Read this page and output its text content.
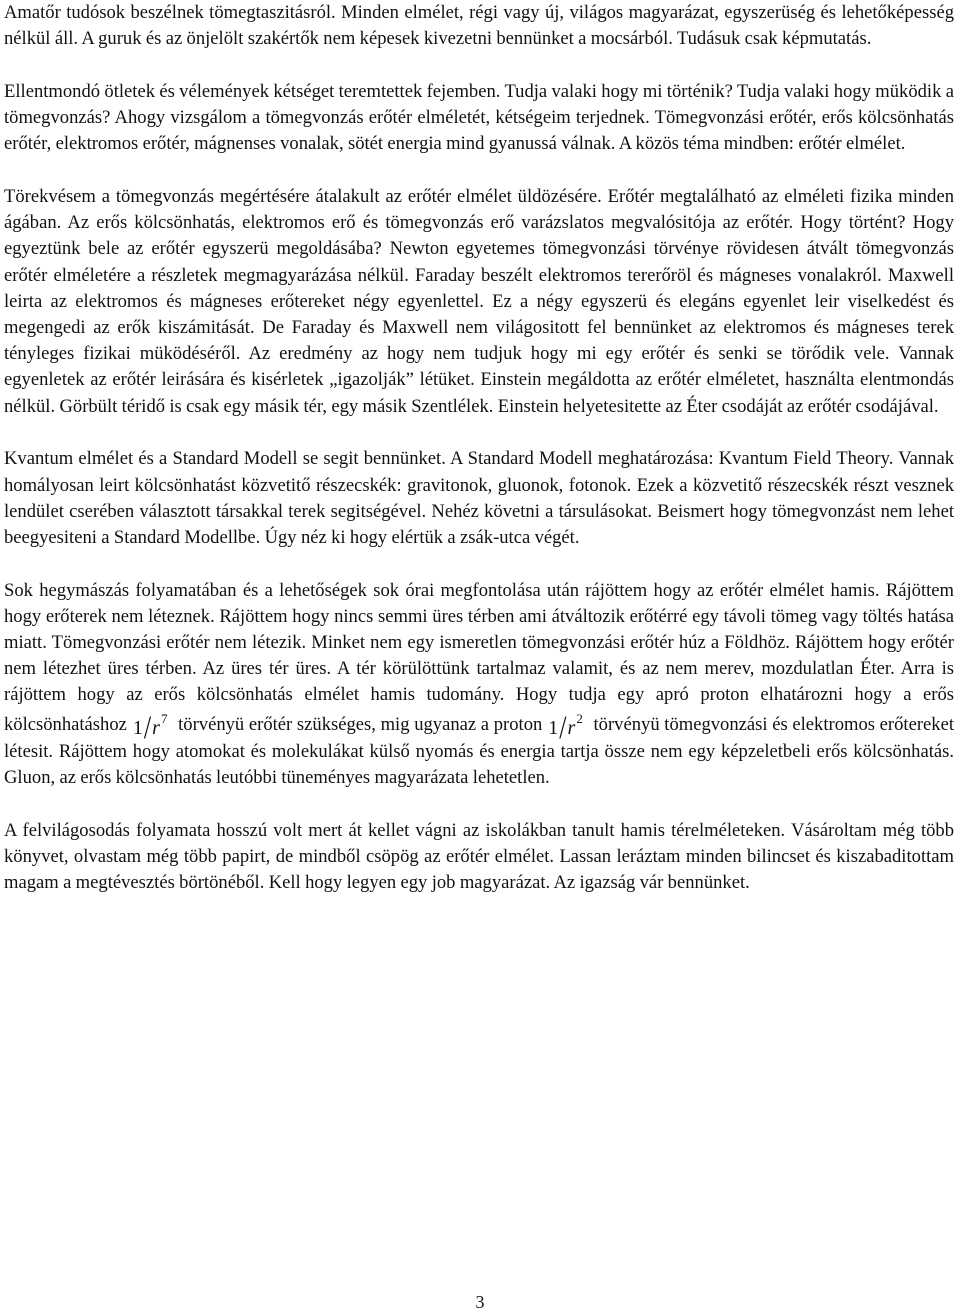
Amatőr tudósok beszélnek tömegtaszitásról. Minden elmélet, régi vagy új, világos magyarázat, egyszerüség és lehetőképesség nélkül áll. A guruk és az önjelölt szakértők nem képesek kivezetni bennünket a mocsárból. Tudásuk csak képmutatás.

Ellentmondó ötletek és vélemények kétséget teremtettek fejemben. Tudja valaki hogy mi történik? Tudja valaki hogy müködik a tömegvonzás? Ahogy vizsgálom a tömegvonzás erőtér elméletét, kétségeim terjednek. Tömegvonzási erőtér, erős kölcsönhatás erőtér, elektromos erőtér, mágnenses vonalak, sötét energia mind gyanussá válnak. A közös téma mindben: erőtér elmélet.

Törekvésem a tömegvonzás megértésére átalakult az erőtér elmélet üldözésére. Erőtér megtalálható az elméleti fizika minden ágában. Az erős kölcsönhatás, elektromos erő és tömegvonzás erő varázslatos megvalósitója az erőtér. Hogy történt? Hogy egyeztünk bele az erőtér egyszerü megoldásába? Newton egyetemes tömegvonzási törvénye rövidesen átvált tömegvonzás erőtér elméletére a részletek megmagyarázása nélkül. Faraday beszélt elektromos tererőröl és mágneses vonalakról. Maxwell leirta az elektromos és mágneses erőtereket négy egyenlettel. Ez a négy egyszerü és elegáns egyenlet leir viselkedést és megengedi az erők kiszámitását. De Faraday és Maxwell nem világositott fel bennünket az elektromos és mágneses terek tényleges fizikai müködéséről. Az eredmény az hogy nem tudjuk hogy mi egy erőtér és senki se törődik vele. Vannak egyenletek az erőtér leirására és kisérletek „igazolják” létüket. Einstein megáldotta az erőtér elméletet, használta elentmondás nélkül. Görbült téridő is csak egy másik tér, egy másik Szentlélek. Einstein helyetesitette az Éter csodáját az erőtér csodájával.

Kvantum elmélet és a Standard Modell se segit bennünket. A Standard Modell meghatározása: Kvantum Field Theory. Vannak homályosan leirt kölcsönhatást közvetitő részecskék: gravitonok, gluonok, fotonok. Ezek a közvetitő részecskék részt vesznek lendület cserében választott társakkal terek segitségével. Nehéz követni a társulásokat. Beismert hogy tömegvonzást nem lehet beegyesiteni a Standard Modellbe. Úgy néz ki hogy elértük a zsák-utca végét.

Sok hegymászás folyamatában és a lehetőségek sok órai megfontolása után rájöttem hogy az erőtér elmélet hamis. Rájöttem hogy erőterek nem léteznek. Rájöttem hogy nincs semmi üres térben ami átváltozik erőtérré egy távoli tömeg vagy töltés hatása miatt. Tömegvonzási erőtér nem létezik. Minket nem egy ismeretlen tömegvonzási erőtér húz a Földhöz. Rájöttem hogy erőtér nem létezhet üres térben. Az üres tér üres. A tér körülöttünk tartalmaz valamit, és az nem merev, mozdulatlan Éter. Arra is rájöttem hogy az erős kölcsönhatás elmélet hamis tudomány. Hogy tudja egy apró proton elhatározni hogy a erős kölcsönhatáshoz $1/r^7$ törvényü erőtér szükséges, mig ugyanaz a proton $1/r^2$ törvényü tömegvonzási és elektromos erőtereket létesit. Rájöttem hogy atomokat és molekulákat külső nyomás és energia tartja össze nem egy képzeletbeli erős kölcsönhatás. Gluon, az erős kölcsönhatás leutóbbi tüneményes magyarázata lehetetlen.

A felvilágosodás folyamata hosszú volt mert át kellet vágni az iskolákban tanult hamis térelméleteken. Vásároltam még több könyvet, olvastam még több papirt, de mindből csöpög az erőtér elmélet. Lassan leráztam minden bilincset és kiszabaditottam magam a megtévesztés börtönéből. Kell hogy legyen egy job magyarázat. Az igazság vár bennünket.

3
